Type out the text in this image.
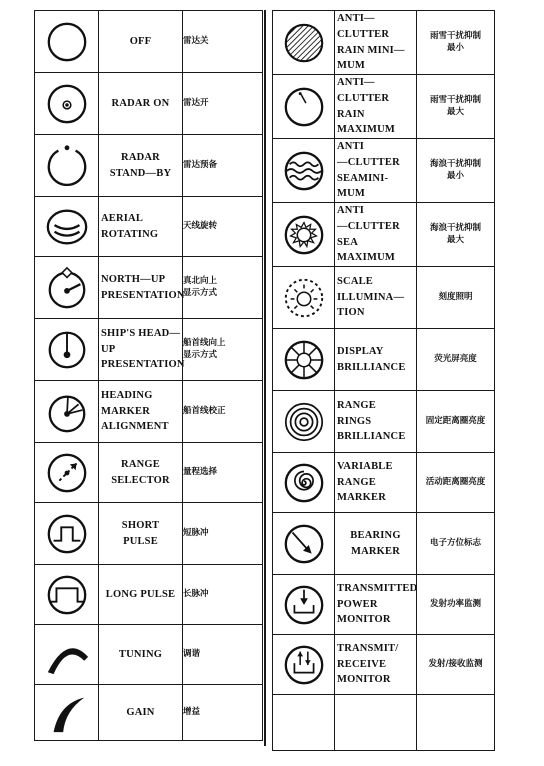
	OFF	雷达关

	RADAR ON	雷达开

	RADAR
STAND—BY	雷达预备

	AERIAL
ROTATING	天线旋转

	NORTH—UP
PRESENTATION	真北向上
显示方式

	SHIP'S HEAD—UP
PRESENTATION	船首线向上
显示方式

	HEADING
MARKER
ALIGNMENT	船首线校正

	RANGE
SELECTOR	量程选择

	SHORT
PULSE	短脉冲

	LONG PULSE	长脉冲

	TUNING	调谐

	GAIN	增益
	ANTI—CLUTTER
RAIN MINI—
MUM	雨雪干扰抑制
最小

	ANTI—CLUTTER
RAIN
MAXIMUM	雨雪干扰抑制
最大

	ANTI
—CLUTTER
SEAMINI-
MUM	海浪干扰抑制
最小

	ANTI
—CLUTTER
SEA
MAXIMUM	海浪干扰抑制
最大

	SCALE
ILLUMINA—
TION	刻度照明

	DISPLAY
BRILLIANCE	荧光屏亮度

	RANGE
RINGS
BRILLIANCE	固定距离圈亮度

	VARIABLE
RANGE
MARKER	活动距离圈亮度

	BEARING
MARKER	电子方位标志

	TRANSMITTED
POWER
MONITOR	发射功率监测

	TRANSMIT/
RECEIVE
MONITOR	发射/接收监测
